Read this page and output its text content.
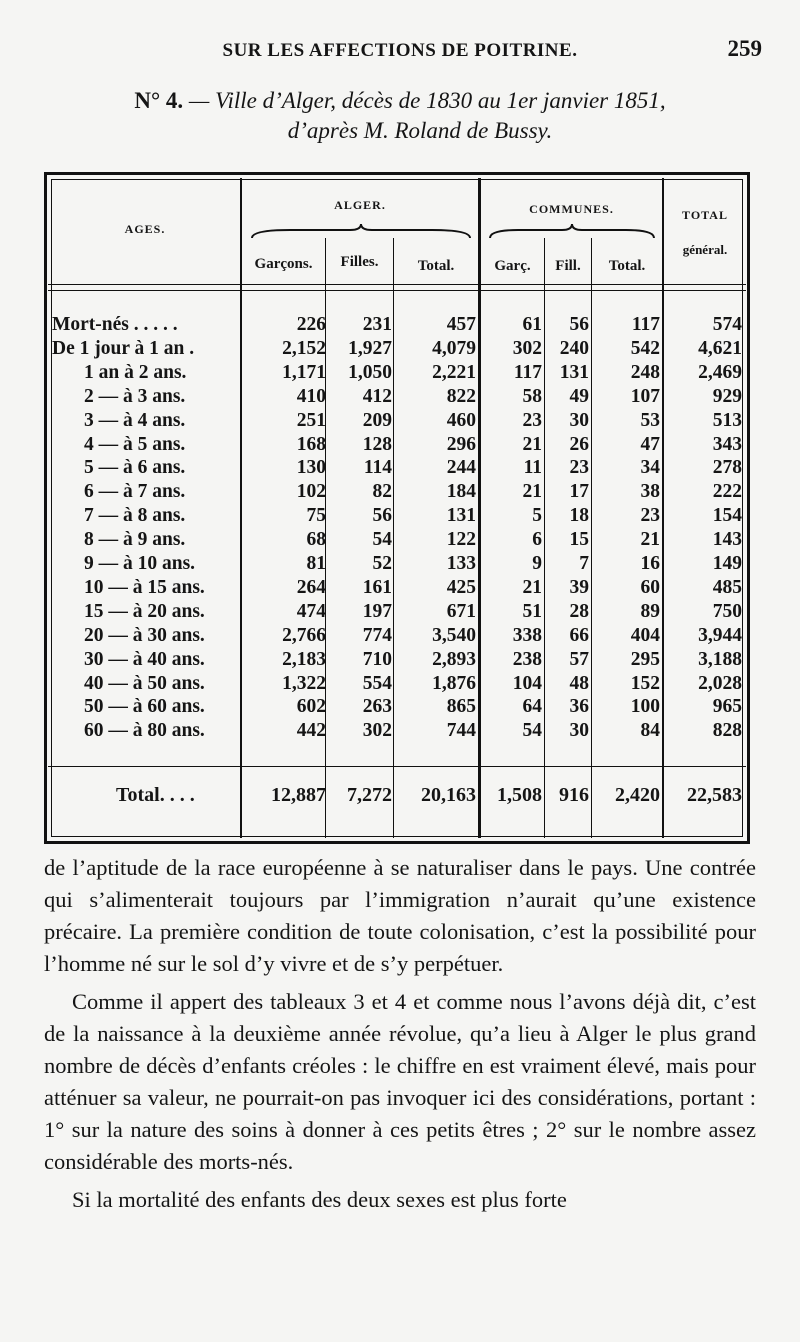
SUR LES AFFECTIONS DE POITRINE.	259
N° 4. — Ville d’Alger, décès de 1830 au 1er janvier 1851,
d’après M. Roland de Bussy.
AGES.
ALGER.	COMMUNES.	TOTAL
général.
Garçons.	Filles.	Total.	Garç.	Fill.	Total.
Mort-nés . . . . .	226 231	457 61 56 117	574
De 1 jour à 1 an .	2,152 1,927 4,079 302 240 542 4,621
1 an à 2 ans.	1,171 1,050 2,221 117 131 248 2,469
2 — à 3 ans.	410 412	822 58 49 107	929
3 — à 4 ans.	251 209	460 23 30	53	513
4 — à 5 ans.	168 128	296 21 26	47	343
5 — à 6 ans.	130 114	244 11 23	34	278
6 — à 7 ans.	102 82	184 21 17	38	222
7 — à 8 ans.	75 56	131	5 18	23	154
8 — à 9 ans.	68 54	122	6 15	21	143
9 — à 10 ans.	81 52	133	9 7	16	149
10 — à 15 ans.	264 161	425 21 39	60	485
15 — à 20 ans.	474 197	671 51 28	89	750
20 — à 30 ans.	2,766 774 3,540 338 66 404 3,944
30 — à 40 ans.	2,183 710 2,893 238 57 295 3,188
40 — à 50 ans.	1,322 554 1,876 104 48 152 2,028
50 — à 60 ans.	602 263	865 64 36 100	965
60 — à 80 ans.	442 302	744 54 30	84	828
Total. . . .	12,887 7,272 20,163 1,508 916 2,420 22,583

de l’aptitude de la race européenne à se naturaliser dans le pays. Une contrée qui s’alimenterait toujours par l’immigration n’aurait qu’une existence précaire. La première condition de toute colonisation, c’est la possibilité pour l’homme né sur le sol d’y vivre et de s’y perpétuer.

Comme il appert des tableaux 3 et 4 et comme nous l’avons déjà dit, c’est de la naissance à la deuxième année révolue, qu’a lieu à Alger le plus grand nombre de décès d’enfants créoles : le chiffre en est vraiment élevé, mais pour atténuer sa valeur, ne pourrait-on pas invoquer ici des considérations, portant : 1° sur la nature des soins à donner à ces petits êtres ; 2° sur le nombre assez considérable des morts-nés.

Si la mortalité des enfants des deux sexes est plus forte
